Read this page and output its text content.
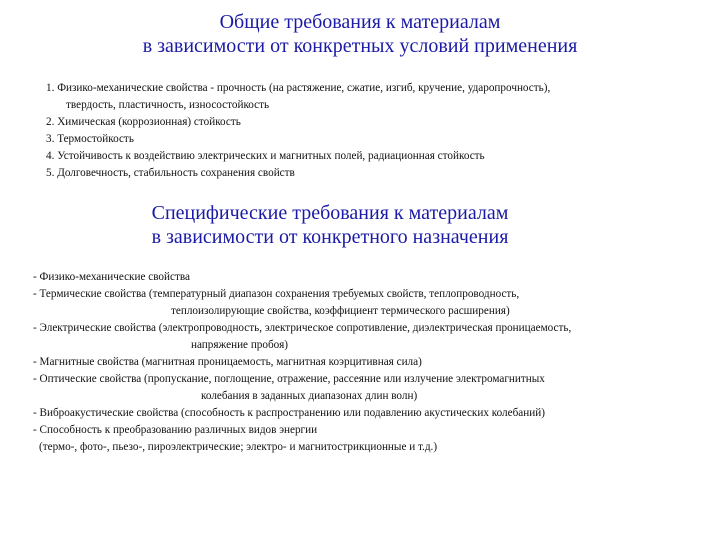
Общие требования к материалам
в зависимости от конкретных условий применения
1. Физико-механические свойства - прочность (на растяжение, сжатие, изгиб, кручение, ударопрочность),
твердость, пластичность, износостойкость
2. Химическая (коррозионная) стойкость
3. Термостойкость
4. Устойчивость к воздействию электрических и магнитных полей, радиационная стойкость
5. Долговечность, стабильность сохранения свойств
Специфические требования к материалам
в зависимости от конкретного назначения
- Физико-механические свойства
- Термические свойства (температурный диапазон сохранения требуемых свойств, теплопроводность,
теплоизолирующие свойства, коэффициент термического расширения)
- Электрические свойства (электропроводность, электрическое сопротивление, диэлектрическая проницаемость,
напряжение пробоя)
- Магнитные свойства (магнитная проницаемость, магнитная коэрцитивная сила)
- Оптические свойства (пропускание, поглощение, отражение, рассеяние или излучение электромагнитных
колебания в заданных диапазонах длин волн)
- Виброакустические свойства (способность к распространению или подавлению акустических колебаний)
- Способность к преобразованию различных видов энергии
(термо-, фото-, пьезо-, пироэлектрические; электро- и магнитострикционные и т.д.)
